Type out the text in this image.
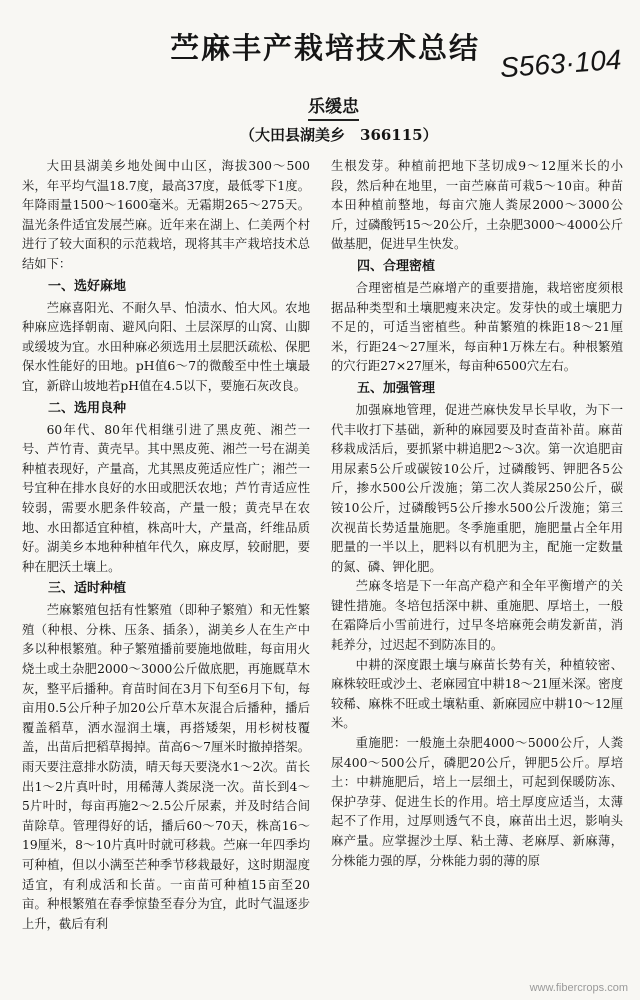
苎麻丰产栽培技术总结 S563·104
乐缓忠
（大田县湖美乡　366115）

大田县湖美乡地处闽中山区，海拔300～500米，年平均气温18.7度，最高37度，最低零下1度。年降雨量1500～1600毫米。无霜期265～275天。温光条件适宜发展苎麻。近年来在湖上、仁美两个村进行了较大面积的示范栽培，现将其丰产栽培技术总结如下：

一、选好麻地

苎麻喜阳光、不耐久旱、怕渍水、怕大风。农地种麻应选择朝南、避风向阳、土层深厚的山窝、山脚或缓坡为宜。水田种麻必须选用土层肥沃疏松、保肥保水性能好的田地。pH值6～7的微酸至中性土壤最宜，新辟山坡地若pH值在4.5以下，要施石灰改良。

二、选用良种

60年代、80年代相继引进了黑皮蔸、湘苎一号、芦竹青、黄壳早。其中黑皮蔸、湘苎一号在湖美种植表现好，产量高，尤其黑皮蔸适应性广；湘苎一号宜种在排水良好的水田或肥沃农地；芦竹青适应性较弱，需要水肥条件较高，产量一般；黄壳早在农地、水田都适宜种植，株高叶大，产量高，纤维品质好。湖美乡本地种种植年代久，麻皮厚，较耐肥，要种在肥沃土壤上。

三、适时种植

苎麻繁殖包括有性繁殖（即种子繁殖）和无性繁殖（种根、分株、压条、插条），湖美乡人在生产中多以种根繁殖。种子繁殖播前要施地做畦，每亩用火烧土或土杂肥2000～3000公斤做底肥，再施厩草木灰，整平后播种。育苗时间在3月下旬至6月下旬，每亩用0.5公斤种子加20公斤草木灰混合后播种，播后覆盖稻草，洒水湿润土壤，再搭矮架，用杉树枝覆盖，出苗后把稻草揭掉。苗高6～7厘米时撤掉搭架。雨天要注意排水防渍，晴天每天要浇水1～2次。苗长出1～2片真叶时，用稀薄人粪尿浇一次。苗长到4～5片叶时，每亩再施2～2.5公斤尿素，并及时结合间苗除草。管理得好的话，播后60～70天，株高16～19厘米，8～10片真叶时就可移栽。苎麻一年四季均可种植，但以小满至芒种季节移栽最好，这时期湿度适宜，有利成活和长苗。一亩苗可种植15亩至20亩。种根繁殖在春季惊蛰至春分为宜，此时气温逐步上升，截后有利

生根发芽。种植前把地下茎切成9～12厘米长的小段，然后种在地里，一亩苎麻苗可栽5～10亩。种苗本田种植前整地，每亩穴施人粪尿2000～3000公斤，过磷酸钙15～20公斤，土杂肥3000～4000公斤做基肥，促进早生快发。

四、合理密植

合理密植是苎麻增产的重要措施，栽培密度须根据品种类型和土壤肥瘦来决定。发芽快的或土壤肥力不足的，可适当密植些。种苗繁殖的株距18～21厘米，行距24～27厘米，每亩种1万株左右。种根繁殖的穴行距27×27厘米，每亩种6500穴左右。

五、加强管理

加强麻地管理，促进苎麻快发早长早收，为下一代丰收打下基础，新种的麻园要及时查苗补苗。麻苗移栽成活后，要抓紧中耕追肥2～3次。第一次追肥亩用尿素5公斤或碳铵10公斤，过磷酸钙、钾肥各5公斤，掺水500公斤泼施；第二次人粪尿250公斤，碳铵10公斤，过磷酸钙5公斤掺水500公斤泼施；第三次视苗长势适量施肥。冬季施重肥，施肥量占全年用肥量的一半以上，肥料以有机肥为主，配施一定数量的氮、磷、钾化肥。

苎麻冬培是下一年高产稳产和全年平衡增产的关键性措施。冬培包括深中耕、重施肥、厚培土，一般在霜降后小雪前进行，过早冬培麻蔸会萌发新苗，消耗养分，过迟起不到防冻目的。

中耕的深度跟土壤与麻苗长势有关，种植较密、麻株较旺或沙土、老麻园宜中耕18～21厘米深。密度较稀、麻株不旺或土壤粘重、新麻园应中耕10～12厘米。

重施肥：一般施土杂肥4000～5000公斤，人粪尿400～500公斤，磷肥20公斤，钾肥5公斤。厚培土：中耕施肥后，培上一层细土，可起到保暖防冻、保护孕芽、促进生长的作用。培土厚度应适当，太薄起不了作用，过厚则透气不良，麻苗出土迟，影响头麻产量。应掌握沙土厚、粘土薄、老麻厚、新麻薄，分株能力强的厚，分株能力弱的薄的原

www.fibercrops.com
